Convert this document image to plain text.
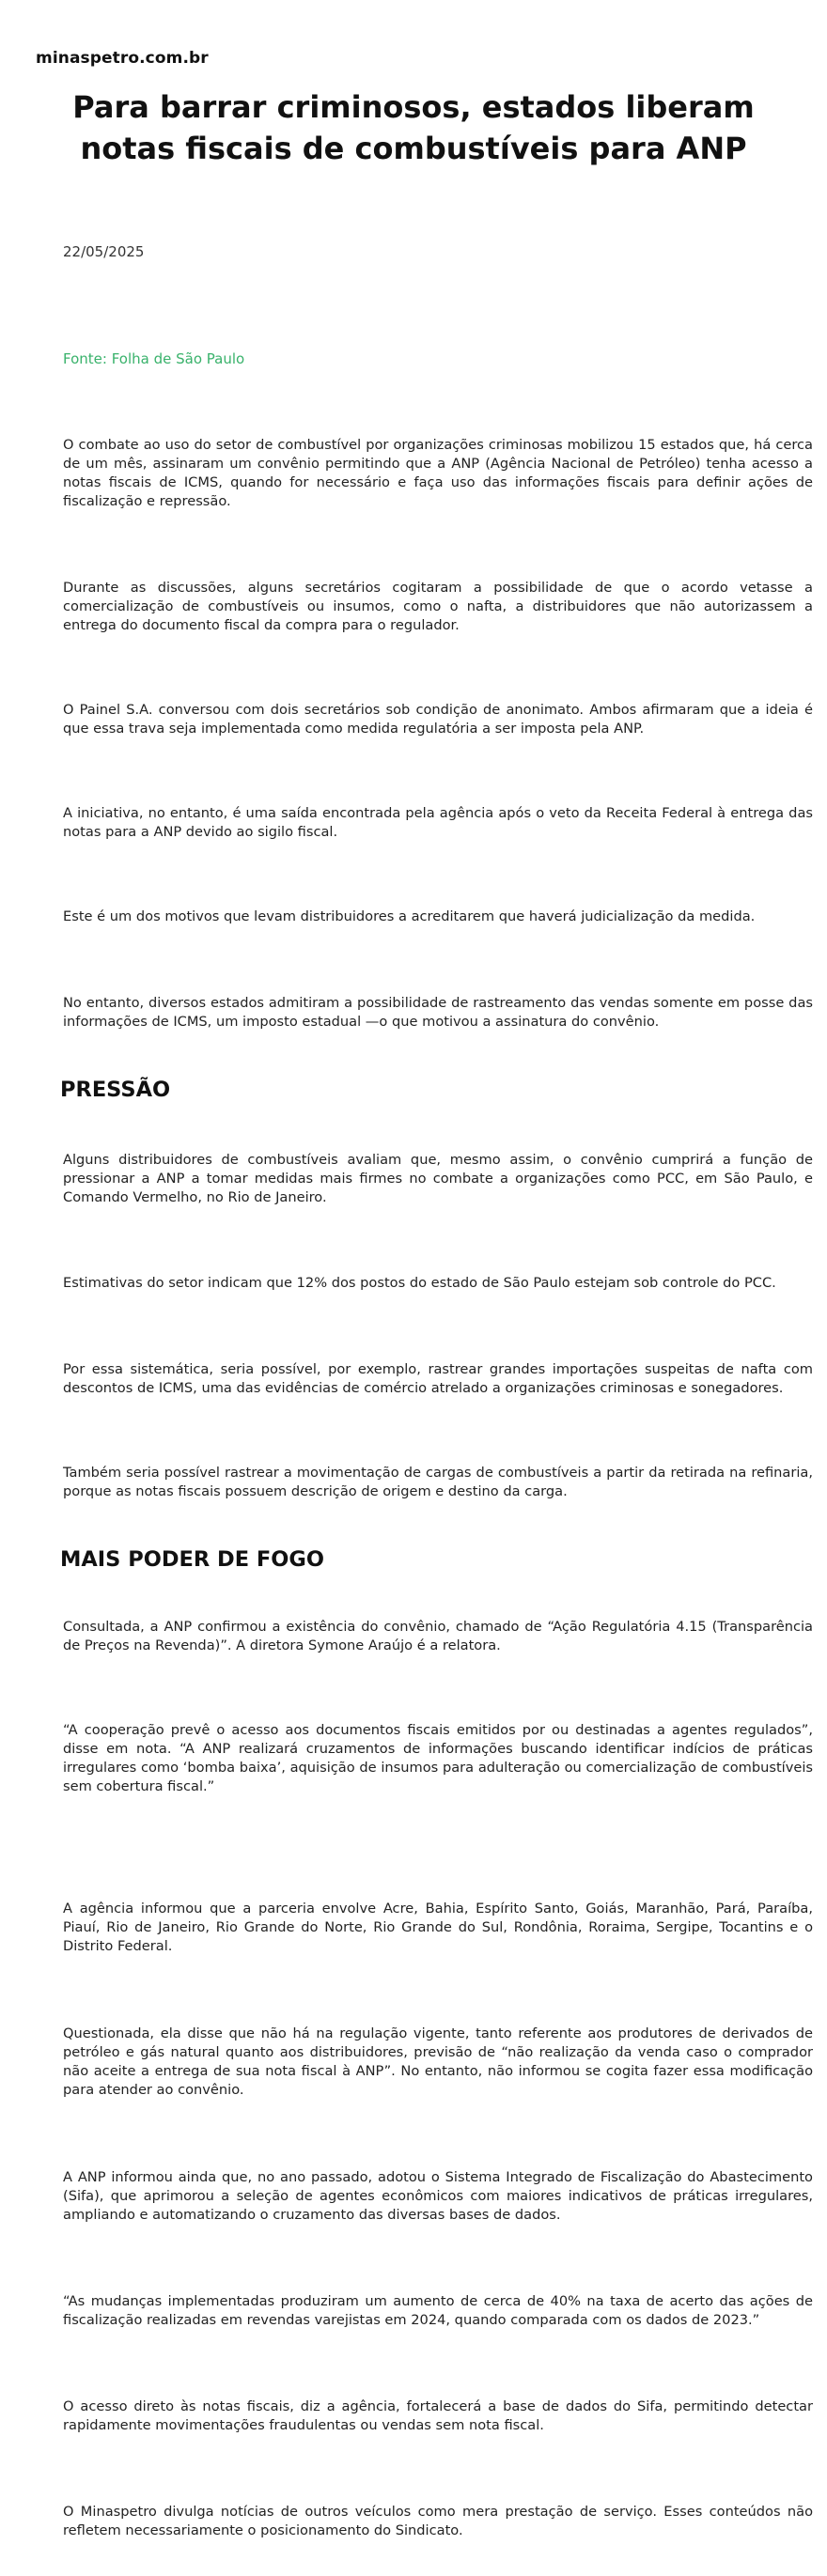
minaspetro.com.br
Para barrar criminosos, estados liberam notas fiscais de combustíveis para ANP
22/05/2025
Fonte: Folha de São Paulo

O combate ao uso do setor de combustível por organizações criminosas mobilizou 15 estados que, há cerca de um mês, assinaram um convênio permitindo que a ANP (Agência Nacional de Petróleo) tenha acesso a notas fiscais de ICMS, quando for necessário e faça uso das informações fiscais para definir ações de fiscalização e repressão.

Durante as discussões, alguns secretários cogitaram a possibilidade de que o acordo vetasse a comercialização de combustíveis ou insumos, como o nafta, a distribuidores que não autorizassem a entrega do documento fiscal da compra para o regulador.

O Painel S.A. conversou com dois secretários sob condição de anonimato. Ambos afirmaram que a ideia é que essa trava seja implementada como medida regulatória a ser imposta pela ANP.

A iniciativa, no entanto, é uma saída encontrada pela agência após o veto da Receita Federal à entrega das notas para a ANP devido ao sigilo fiscal.

Este é um dos motivos que levam distribuidores a acreditarem que haverá judicialização da medida.

No entanto, diversos estados admitiram a possibilidade de rastreamento das vendas somente em posse das informações de ICMS, um imposto estadual —o que motivou a assinatura do convênio.

PRESSÃO

Alguns distribuidores de combustíveis avaliam que, mesmo assim, o convênio cumprirá a função de pressionar a ANP a tomar medidas mais firmes no combate a organizações como PCC, em São Paulo, e Comando Vermelho, no Rio de Janeiro.

Estimativas do setor indicam que 12% dos postos do estado de São Paulo estejam sob controle do PCC.

Por essa sistemática, seria possível, por exemplo, rastrear grandes importações suspeitas de nafta com descontos de ICMS, uma das evidências de comércio atrelado a organizações criminosas e sonegadores.

Também seria possível rastrear a movimentação de cargas de combustíveis a partir da retirada na refinaria, porque as notas fiscais possuem descrição de origem e destino da carga.

MAIS PODER DE FOGO

Consultada, a ANP confirmou a existência do convênio, chamado de “Ação Regulatória 4.15 (Transparência de Preços na Revenda)”. A diretora Symone Araújo é a relatora.

“A cooperação prevê o acesso aos documentos fiscais emitidos por ou destinadas a agentes regulados”, disse em nota. “A ANP realizará cruzamentos de informações buscando identificar indícios de práticas irregulares como ‘bomba baixa’, aquisição de insumos para adulteração ou comercialização de combustíveis sem cobertura fiscal.”

A agência informou que a parceria envolve Acre, Bahia, Espírito Santo, Goiás, Maranhão, Pará, Paraíba, Piauí, Rio de Janeiro, Rio Grande do Norte, Rio Grande do Sul, Rondônia, Roraima, Sergipe, Tocantins e o Distrito Federal.

Questionada, ela disse que não há na regulação vigente, tanto referente aos produtores de derivados de petróleo e gás natural quanto aos distribuidores, previsão de “não realização da venda caso o comprador não aceite a entrega de sua nota fiscal à ANP”. No entanto, não informou se cogita fazer essa modificação para atender ao convênio.

A ANP informou ainda que, no ano passado, adotou o Sistema Integrado de Fiscalização do Abastecimento (Sifa), que aprimorou a seleção de agentes econômicos com maiores indicativos de práticas irregulares, ampliando e automatizando o cruzamento das diversas bases de dados.

“As mudanças implementadas produziram um aumento de cerca de 40% na taxa de acerto das ações de fiscalização realizadas em revendas varejistas em 2024, quando comparada com os dados de 2023.”

O acesso direto às notas fiscais, diz a agência, fortalecerá a base de dados do Sifa, permitindo detectar rapidamente movimentações fraudulentas ou vendas sem nota fiscal.

O Minaspetro divulga notícias de outros veículos como mera prestação de serviço. Esses conteúdos não refletem necessariamente o posicionamento do Sindicato.
